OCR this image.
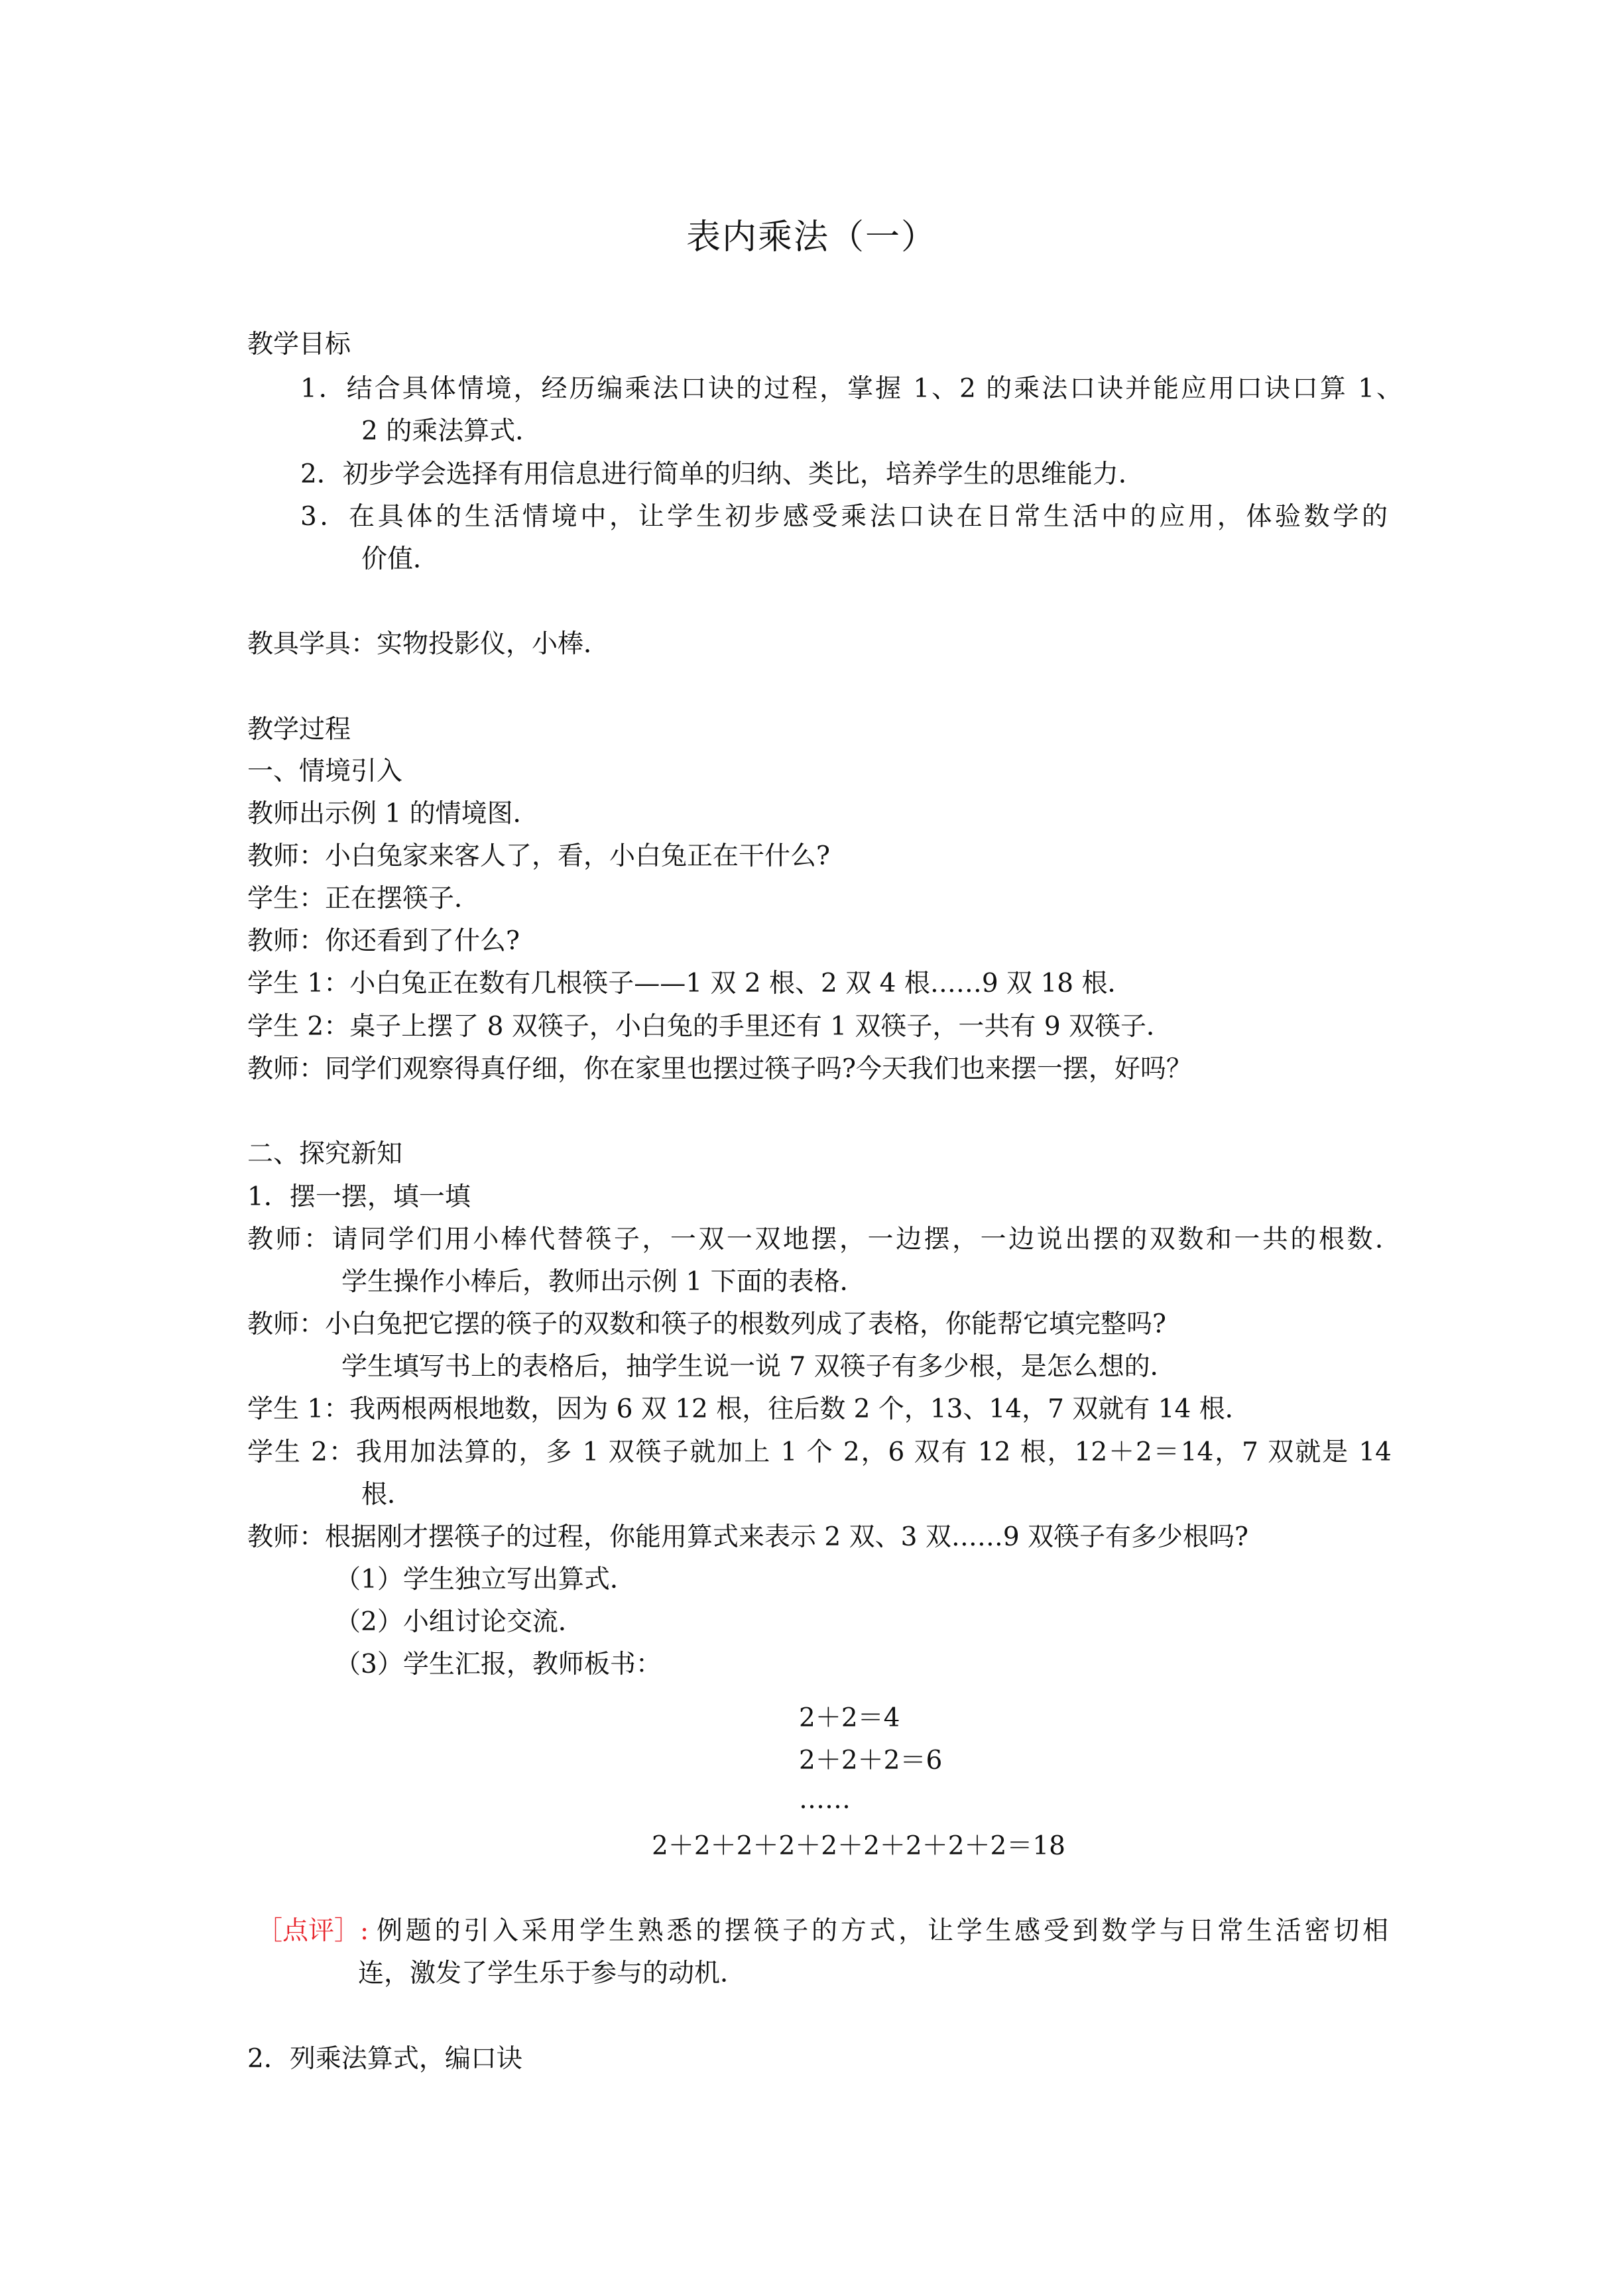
表内乘法（一）
教学目标
1．结合具体情境，经历编乘法口诀的过程，掌握 1、2 的乘法口诀并能应用口诀口算 1、
2 的乘法算式．
2．初步学会选择有用信息进行简单的归纳、类比，培养学生的思维能力．
3．在具体的生活情境中，让学生初步感受乘法口诀在日常生活中的应用，体验数学的
价值．
教具学具：实物投影仪，小棒．
教学过程
一、情境引入
教师出示例 1 的情境图．
教师：小白兔家来客人了，看，小白兔正在干什么?
学生：正在摆筷子．
教师：你还看到了什么?
学生 1：小白兔正在数有几根筷子——1 双 2 根、2 双 4 根……9 双 18 根．
学生 2：桌子上摆了 8 双筷子，小白兔的手里还有 1 双筷子，一共有 9 双筷子．
教师：同学们观察得真仔细，你在家里也摆过筷子吗?今天我们也来摆一摆，好吗？
二、探究新知
1．摆一摆，填一填
教师：请同学们用小棒代替筷子，一双一双地摆，一边摆，一边说出摆的双数和一共的根数．
学生操作小棒后，教师出示例 1 下面的表格．
教师：小白兔把它摆的筷子的双数和筷子的根数列成了表格，你能帮它填完整吗?
学生填写书上的表格后，抽学生说一说 7 双筷子有多少根，是怎么想的．
学生 1：我两根两根地数，因为 6 双 12 根，往后数 2 个，13、14，7 双就有 14 根．
学生 2：我用加法算的，多 1 双筷子就加上 1 个 2，6 双有 12 根，12＋2＝14，7 双就是 14
根．
教师：根据刚才摆筷子的过程，你能用算式来表示 2 双、3 双……9 双筷子有多少根吗?
（1）学生独立写出算式．
（2）小组讨论交流．
（3）学生汇报，教师板书：
2＋2＝4
2＋2＋2＝6
……
2＋2＋2＋2＋2＋2＋2＋2＋2＝18
［点评］: 例题的引入采用学生熟悉的摆筷子的方式，让学生感受到数学与日常生活密切相
连，激发了学生乐于参与的动机．
2．列乘法算式，编口诀
